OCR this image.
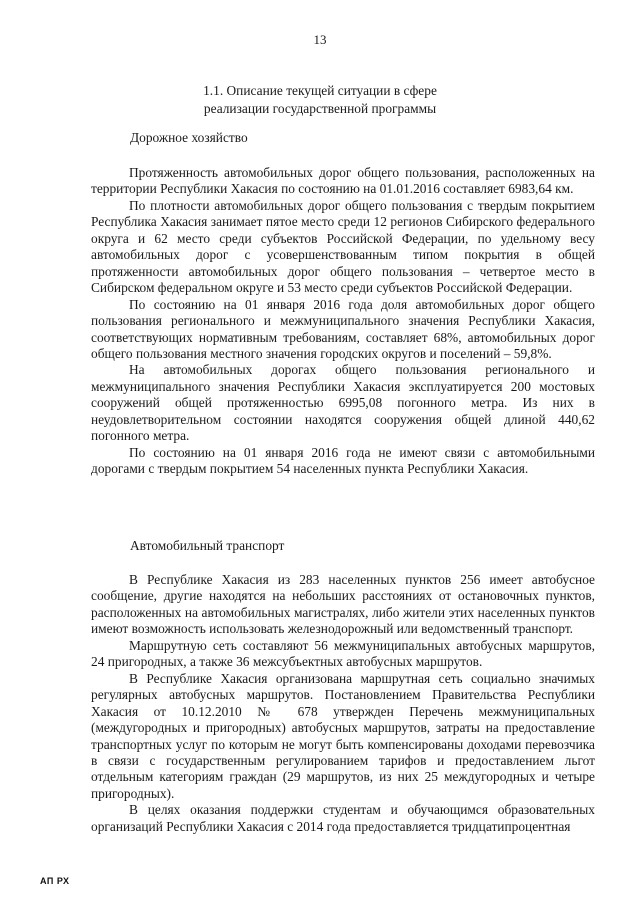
13
1.1. Описание текущей ситуации в сфере
реализации государственной программы
Дорожное хозяйство

Протяженность автомобильных дорог общего пользования, расположенных на территории Республики Хакасия по состоянию на 01.01.2016 составляет 6983,64 км.

По плотности автомобильных дорог общего пользования с твердым покрытием Республика Хакасия занимает пятое место среди 12 регионов Сибирского федерального округа и 62 место среди субъектов Российской Федерации, по удельному весу автомобильных дорог с усовершенствованным типом покрытия в общей протяженности автомобильных дорог общего пользования – четвертое место в Сибирском федеральном округе и 53 место среди субъектов Российской Федерации.

По состоянию на 01 января 2016 года доля автомобильных дорог общего пользования регионального и межмуниципального значения Республики Хакасия, соответствующих нормативным требованиям, составляет 68%, автомобильных дорог общего пользования местного значения городских округов и поселений – 59,8%.

На автомобильных дорогах общего пользования регионального и межмуниципального значения Республики Хакасия эксплуатируется 200 мостовых сооружений общей протяженностью 6995,08 погонного метра. Из них в неудовлетворительном состоянии находятся сооружения общей длиной 440,62 погонного метра.

По состоянию на 01 января 2016 года не имеют связи с автомобильными дорогами с твердым покрытием 54 населенных пункта Республики Хакасия.

Автомобильный транспорт

В Республике Хакасия из 283 населенных пунктов 256 имеет автобусное сообщение, другие находятся на небольших расстояниях от остановочных пунктов, расположенных на автомобильных магистралях, либо жители этих населенных пунктов имеют возможность использовать железнодорожный или ведомственный транспорт.

Маршрутную сеть составляют 56 межмуниципальных автобусных маршрутов, 24 пригородных, а также 36 межсубъектных автобусных маршрутов.

В Республике Хакасия организована маршрутная сеть социально значимых регулярных автобусных маршрутов. Постановлением Правительства Республики Хакасия от 10.12.2010 № 678 утвержден Перечень межмуниципальных (междугородных и пригородных) автобусных маршрутов, затраты на предоставление транспортных услуг по которым не могут быть компенсированы доходами перевозчика в связи с государственным регулированием тарифов и предоставлением льгот отдельным категориям граждан (29 маршрутов, из них 25 междугородных и четыре пригородных).

В целях оказания поддержки студентам и обучающимся образовательных организаций Республики Хакасия с 2014 года предоставляется тридцатипроцентная

АП РХ
